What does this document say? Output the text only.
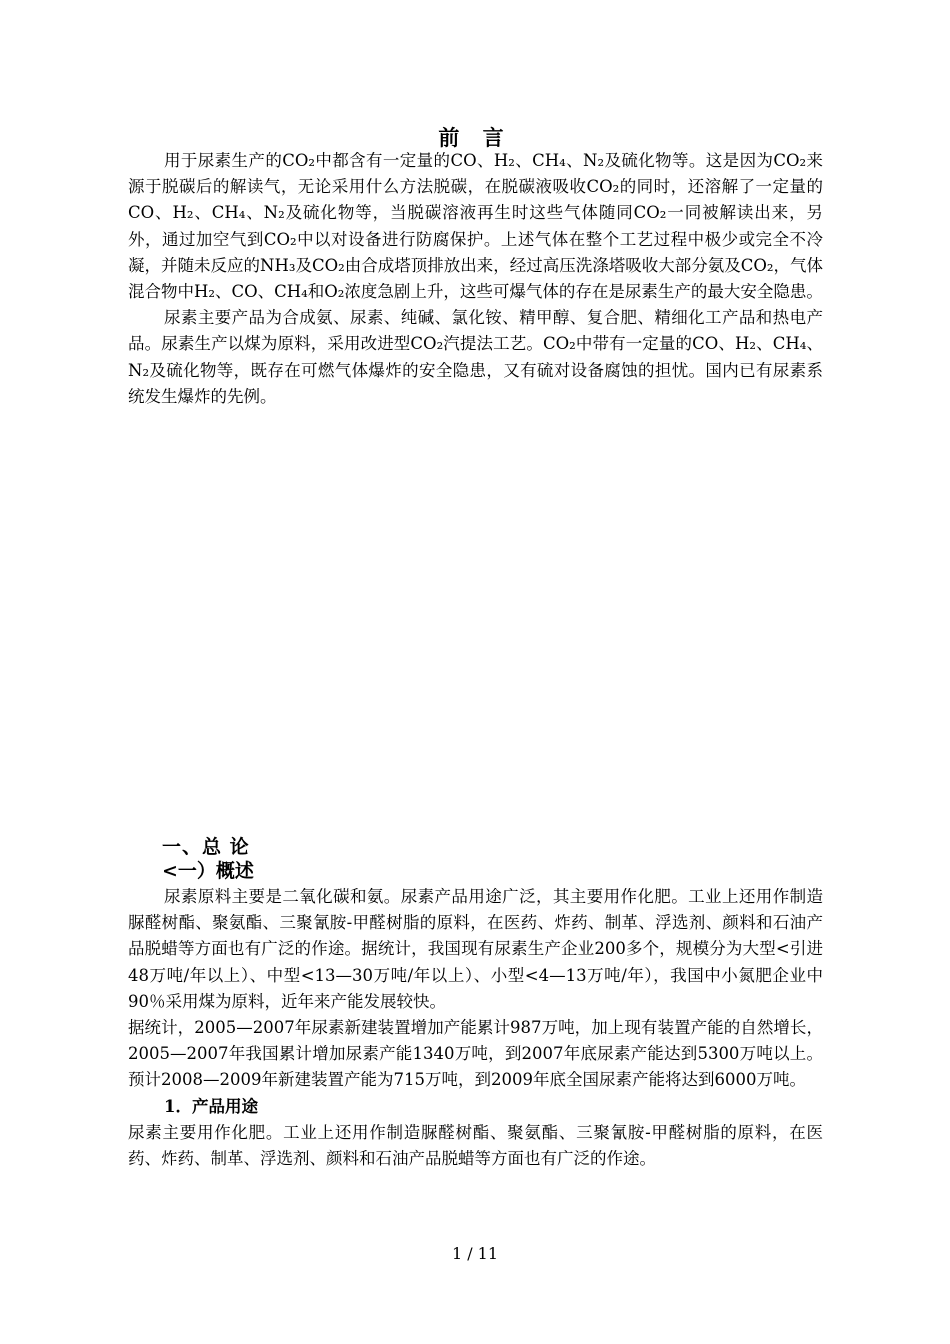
前 言

用于尿素生产的CO₂中都含有一定量的CO、H₂、CH₄、N₂及硫化物等。这是因为CO₂来源于脱碳后的解读气，无论采用什么方法脱碳，在脱碳液吸收CO₂的同时，还溶解了一定量的CO、H₂、CH₄、N₂及硫化物等，当脱碳溶液再生时这些气体随同CO₂一同被解读出来，另外，通过加空气到CO₂中以对设备进行防腐保护。上述气体在整个工艺过程中极少或完全不冷凝，并随未反应的NH₃及CO₂由合成塔顶排放出来，经过高压洗涤塔吸收大部分氨及CO₂，气体混合物中H₂、CO、CH₄和O₂浓度急剧上升，这些可爆气体的存在是尿素生产的最大安全隐患。

尿素主要产品为合成氨、尿素、纯碱、氯化铵、精甲醇、复合肥、精细化工产品和热电产品。尿素生产以煤为原料，采用改进型CO₂汽提法工艺。CO₂中带有一定量的CO、H₂、CH₄、N₂及硫化物等，既存在可燃气体爆炸的安全隐患，又有硫对设备腐蚀的担忧。国内已有尿素系统发生爆炸的先例。

一、总 论
<一）概述

尿素原料主要是二氧化碳和氨。尿素产品用途广泛，其主要用作化肥。工业上还用作制造脲醛树酯、聚氨酯、三聚氰胺-甲醛树脂的原料，在医药、炸药、制革、浮选剂、颜料和石油产品脱蜡等方面也有广泛的作途。据统计，我国现有尿素生产企业200多个，规模分为大型<引进48万吨/年以上）、中型<13—30万吨/年以上）、小型<4—13万吨/年），我国中小氮肥企业中90％采用煤为原料，近年来产能发展较快。

据统计，2005—2007年尿素新建装置增加产能累计987万吨，加上现有装置产能的自然增长，2005—2007年我国累计增加尿素产能1340万吨，到2007年底尿素产能达到5300万吨以上。预计2008—2009年新建装置产能为715万吨，到2009年底全国尿素产能将达到6000万吨。

1．产品用途

尿素主要用作化肥。工业上还用作制造脲醛树酯、聚氨酯、三聚氰胺-甲醛树脂的原料，在医药、炸药、制革、浮选剂、颜料和石油产品脱蜡等方面也有广泛的作途。

1 / 11
